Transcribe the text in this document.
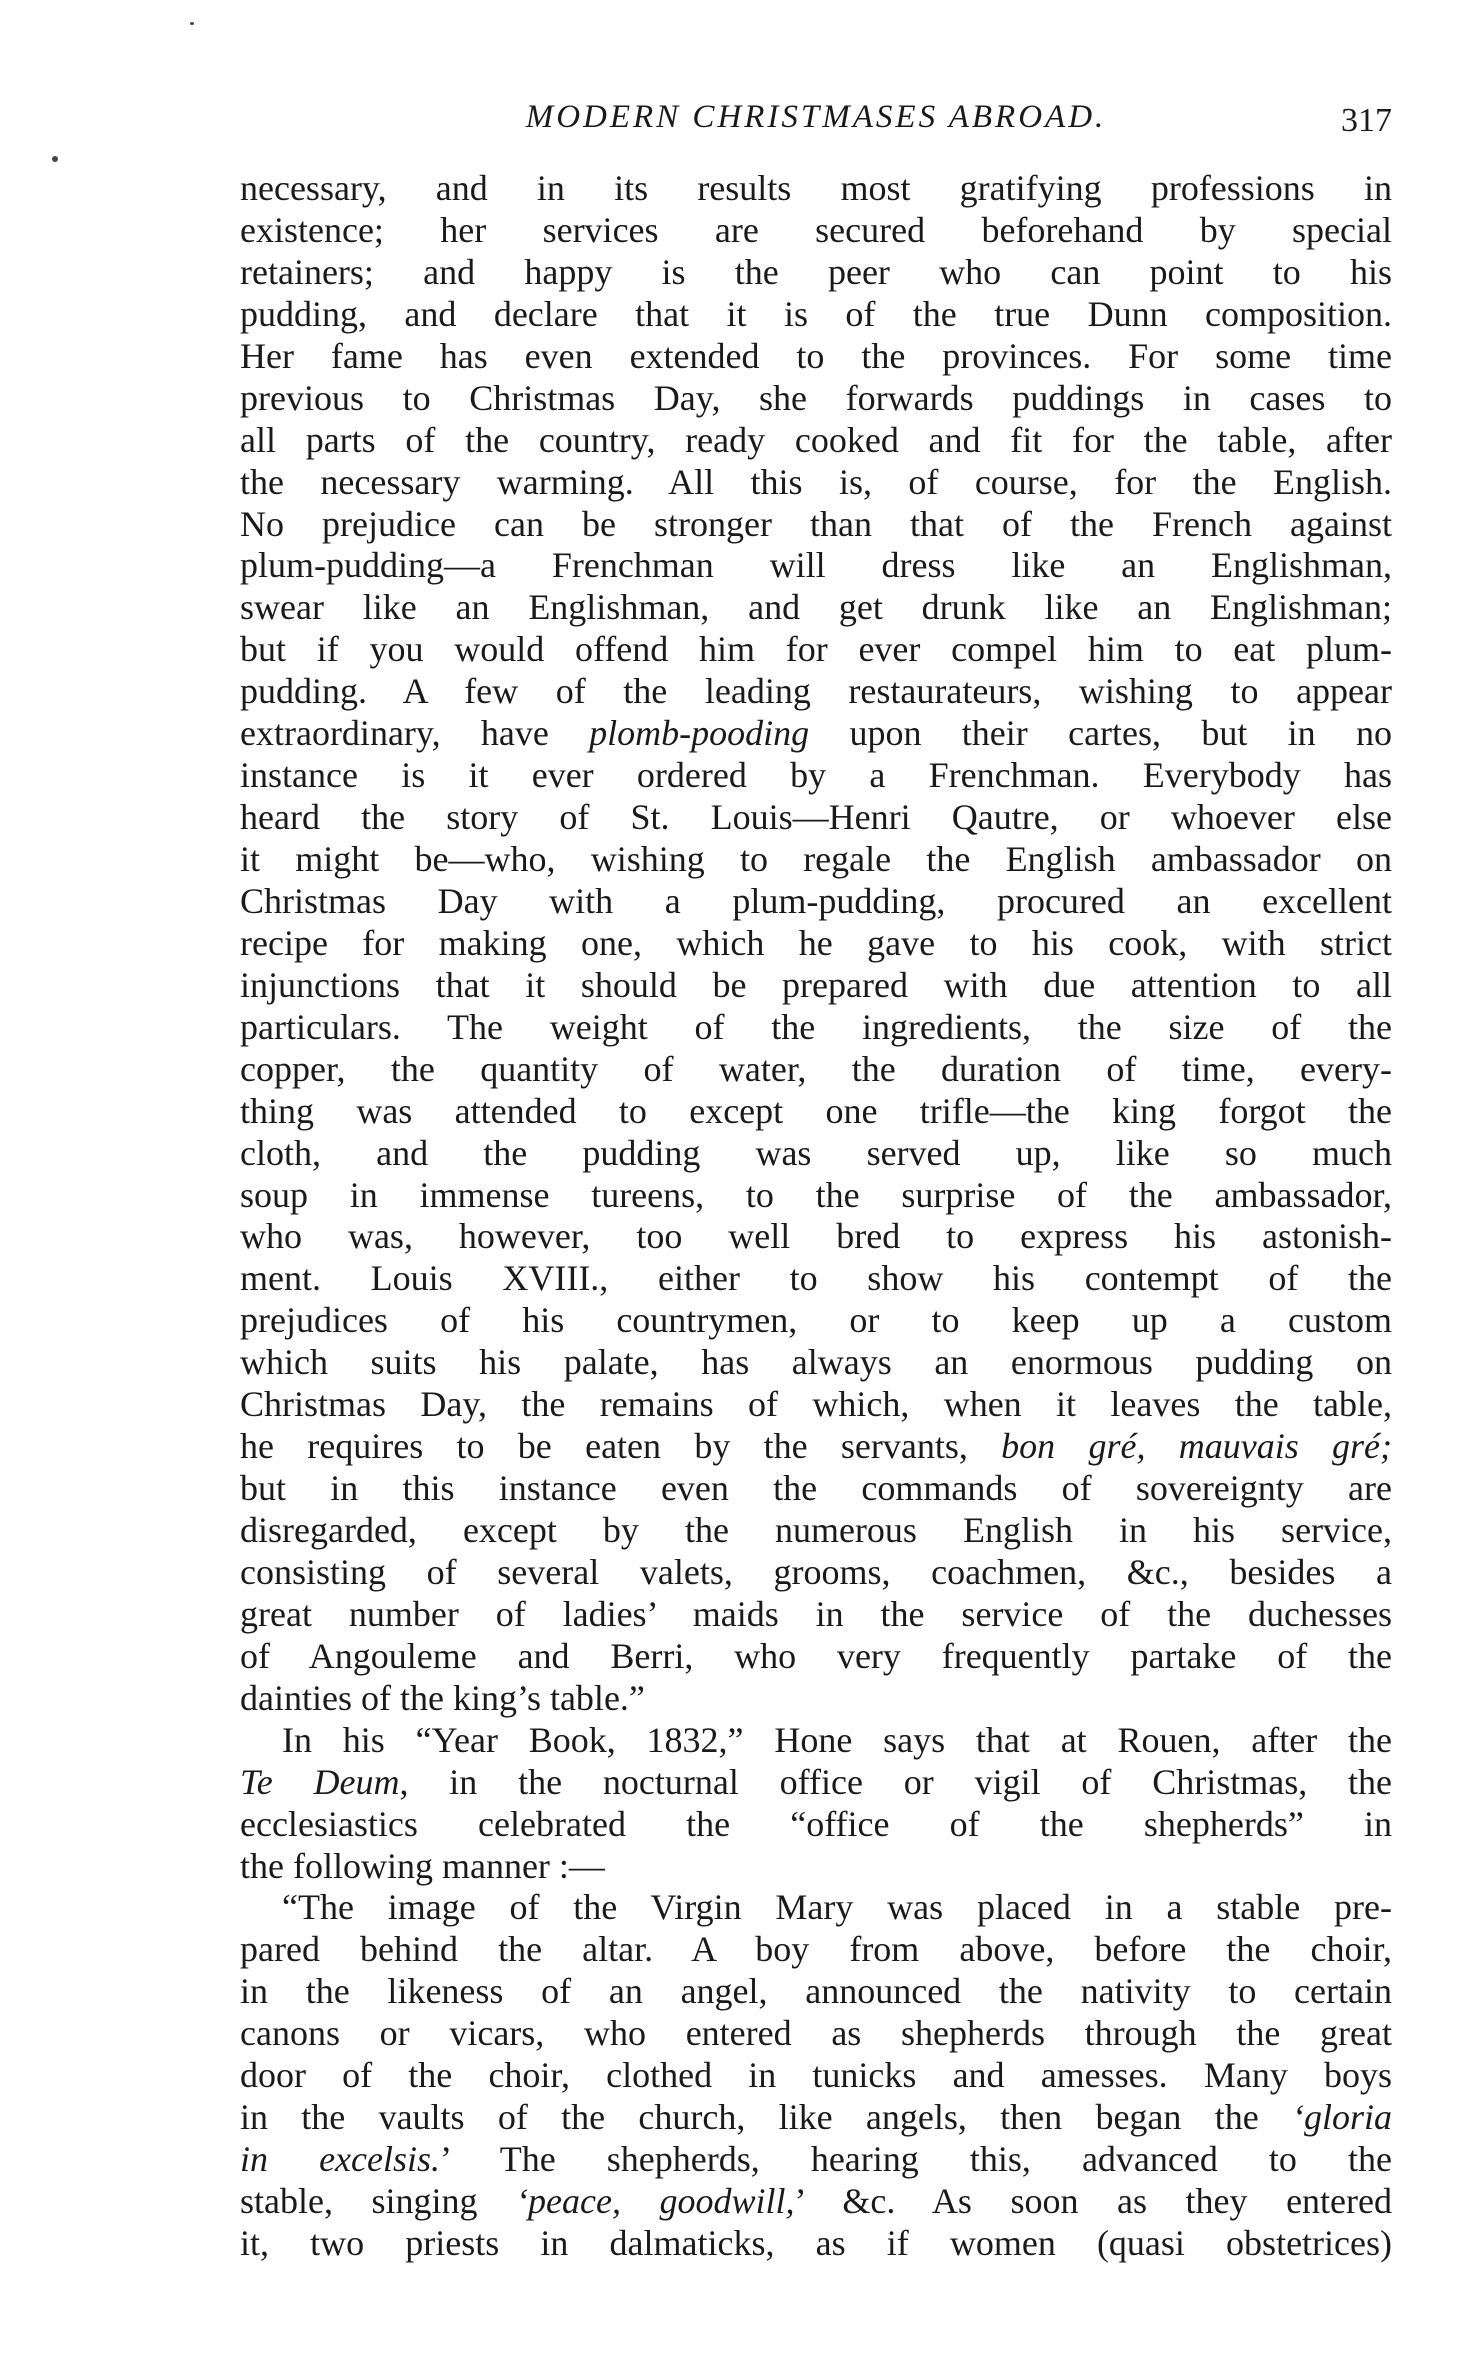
MODERN CHRISTMASES ABROAD.	317
necessary, and in its results most gratifying professions in
existence; her services are secured beforehand by special
retainers; and happy is the peer who can point to his
pudding, and declare that it is of the true Dunn composition.
Her fame has even extended to the provinces. For some time
previous to Christmas Day, she forwards puddings in cases to
all parts of the country, ready cooked and fit for the table, after
the necessary warming. All this is, of course, for the English.
No prejudice can be stronger than that of the French against
plum-pudding—a Frenchman will dress like an Englishman,
swear like an Englishman, and get drunk like an Englishman;
but if you would offend him for ever compel him to eat plum-
pudding. A few of the leading restaurateurs, wishing to appear
extraordinary, have plomb-pooding upon their cartes, but in no
instance is it ever ordered by a Frenchman. Everybody has
heard the story of St. Louis—Henri Qautre, or whoever else
it might be—who, wishing to regale the English ambassador on
Christmas Day with a plum-pudding, procured an excellent
recipe for making one, which he gave to his cook, with strict
injunctions that it should be prepared with due attention to all
particulars. The weight of the ingredients, the size of the
copper, the quantity of water, the duration of time, every-
thing was attended to except one trifle—the king forgot the
cloth, and the pudding was served up, like so much
soup in immense tureens, to the surprise of the ambassador,
who was, however, too well bred to express his astonish-
ment. Louis XVIII., either to show his contempt of the
prejudices of his countrymen, or to keep up a custom
which suits his palate, has always an enormous pudding on
Christmas Day, the remains of which, when it leaves the table,
he requires to be eaten by the servants, bon gré, mauvais gré;
but in this instance even the commands of sovereignty are
disregarded, except by the numerous English in his service,
consisting of several valets, grooms, coachmen, &c., besides a
great number of ladies’ maids in the service of the duchesses
of Angouleme and Berri, who very frequently partake of the
dainties of the king’s table.”
In his “Year Book, 1832,” Hone says that at Rouen, after the
Te Deum, in the nocturnal office or vigil of Christmas, the
ecclesiastics celebrated the “office of the shepherds” in
the following manner :—
“The image of the Virgin Mary was placed in a stable pre-
pared behind the altar. A boy from above, before the choir,
in the likeness of an angel, announced the nativity to certain
canons or vicars, who entered as shepherds through the great
door of the choir, clothed in tunicks and amesses. Many boys
in the vaults of the church, like angels, then began the ‘gloria
in excelsis.’ The shepherds, hearing this, advanced to the
stable, singing ‘peace, goodwill,’ &c. As soon as they entered
it, two priests in dalmaticks, as if women (quasi obstetrices)
